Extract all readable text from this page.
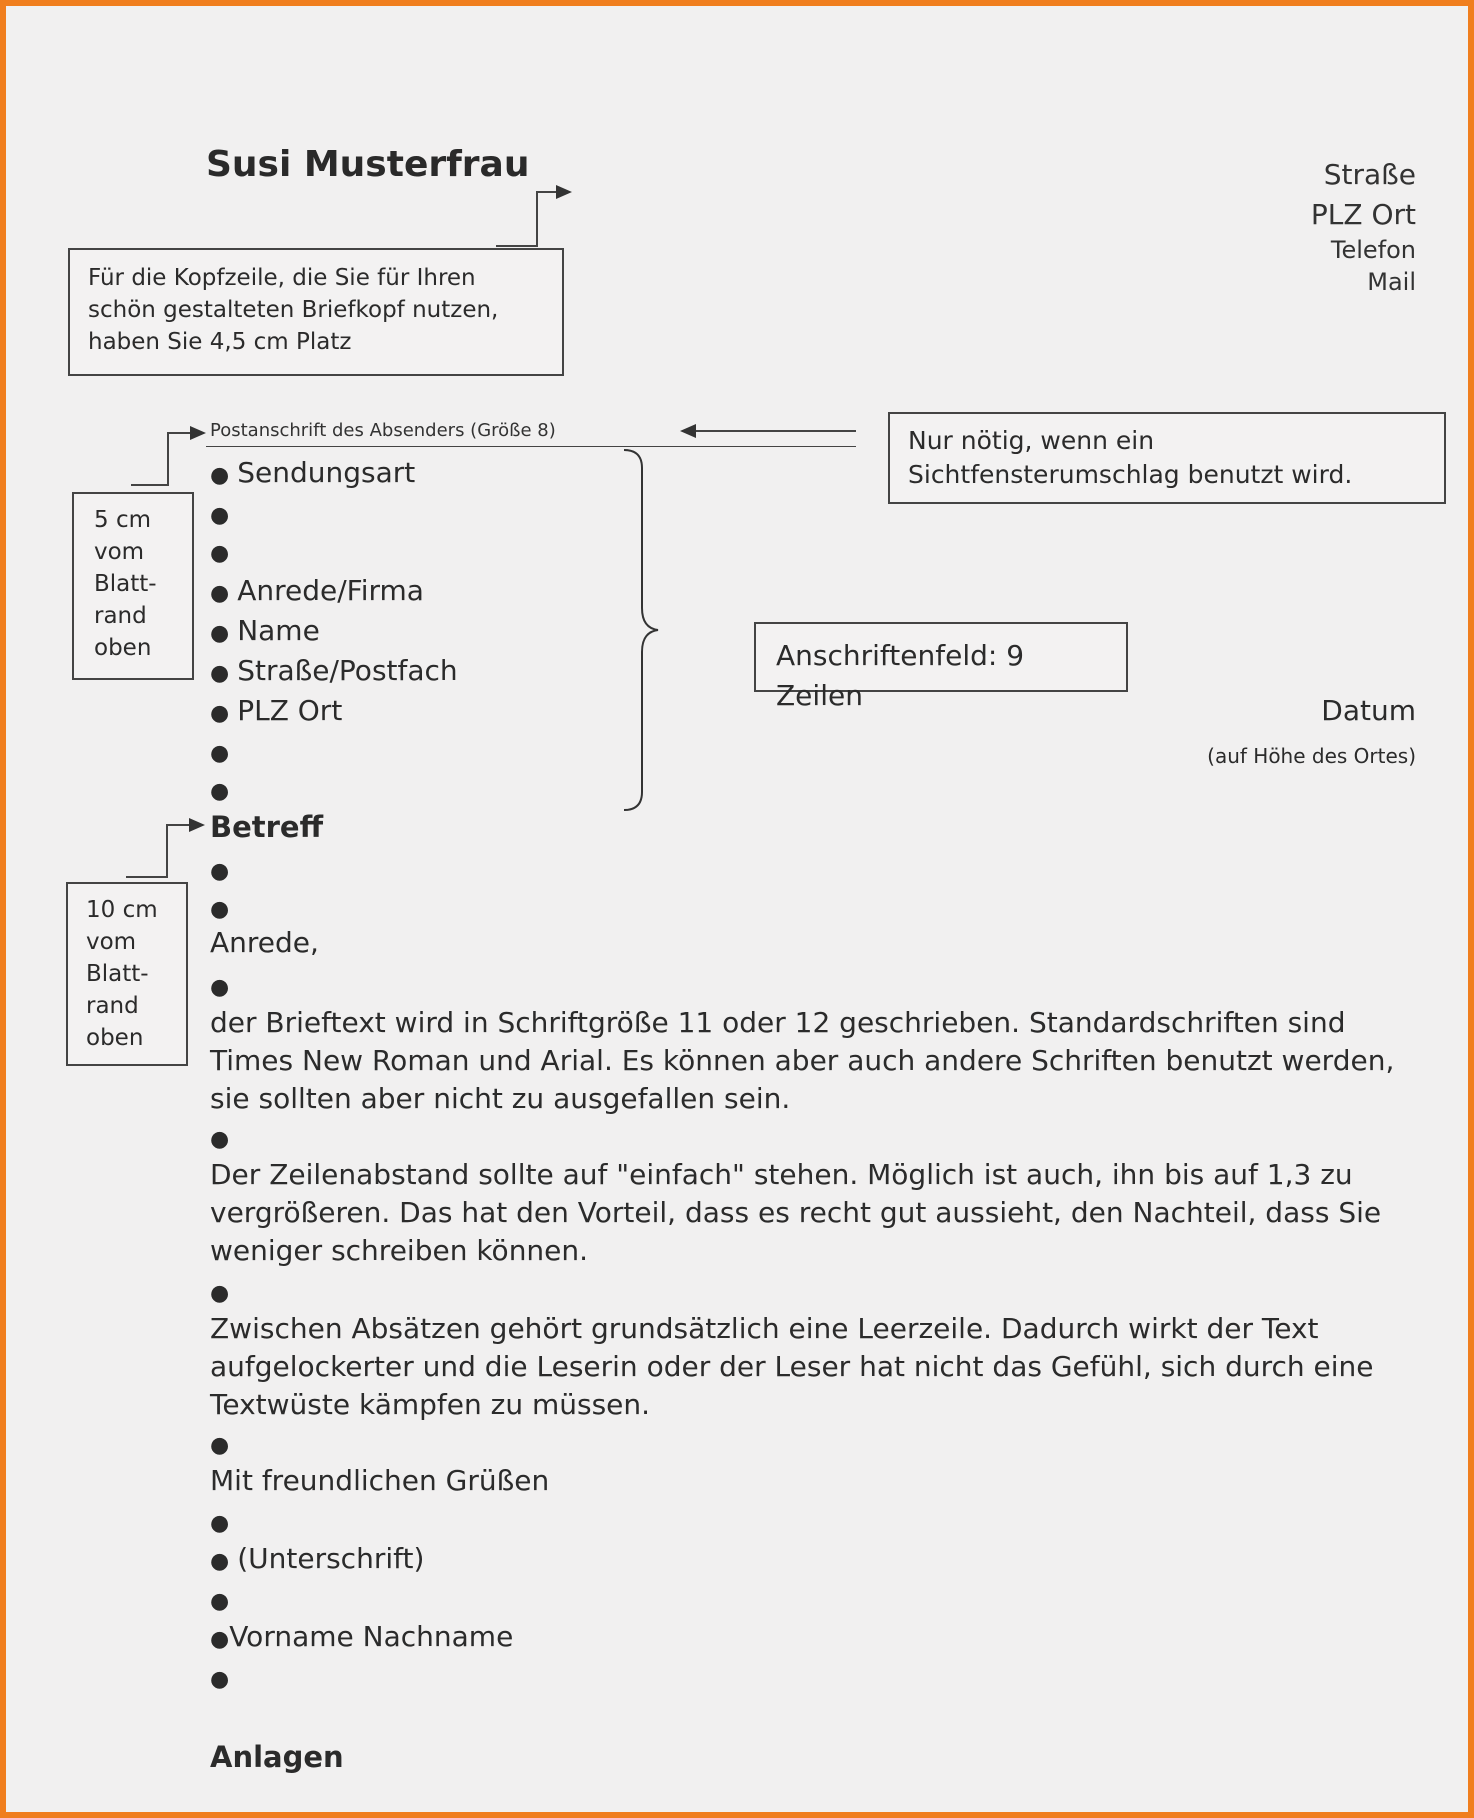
Susi Musterfrau	Straße
PLZ Ort
Telefon
Mail
Für die Kopfzeile, die Sie für Ihren schön gestalteten Briefkopf nutzen, haben Sie 4,5 cm Platz
Postanschrift des Absenders (Größe 8)	Nur nötig, wenn ein Sichtfensterumschlag benutzt wird.
5 cm
vom
Blatt-
rand
oben
● Sendungsart
●
●
● Anrede/Firma
● Name
● Straße/Postfach
● PLZ Ort
●
●
Anschriftenfeld: 9 Zeilen	Datum
(auf Höhe des Ortes)
Betreff
●
●
10 cm
vom
Blatt-
rand
oben
Anrede,
●
der Brieftext wird in Schriftgröße 11 oder 12 geschrieben. Standardschriften sind Times New Roman und Arial. Es können aber auch andere Schriften benutzt werden, sie sollten aber nicht zu ausgefallen sein.
●
Der Zeilenabstand sollte auf "einfach" stehen. Möglich ist auch, ihn bis auf 1,3 zu vergrößeren. Das hat den Vorteil, dass es recht gut aussieht, den Nachteil, dass Sie weniger schreiben können.
●
Zwischen Absätzen gehört grundsätzlich eine Leerzeile. Dadurch wirkt der Text aufgelockerter und die Leserin oder der Leser hat nicht das Gefühl, sich durch eine Textwüste kämpfen zu müssen.
●
Mit freundlichen Grüßen
●
● (Unterschrift)
●
●Vorname Nachname
●
Anlagen
